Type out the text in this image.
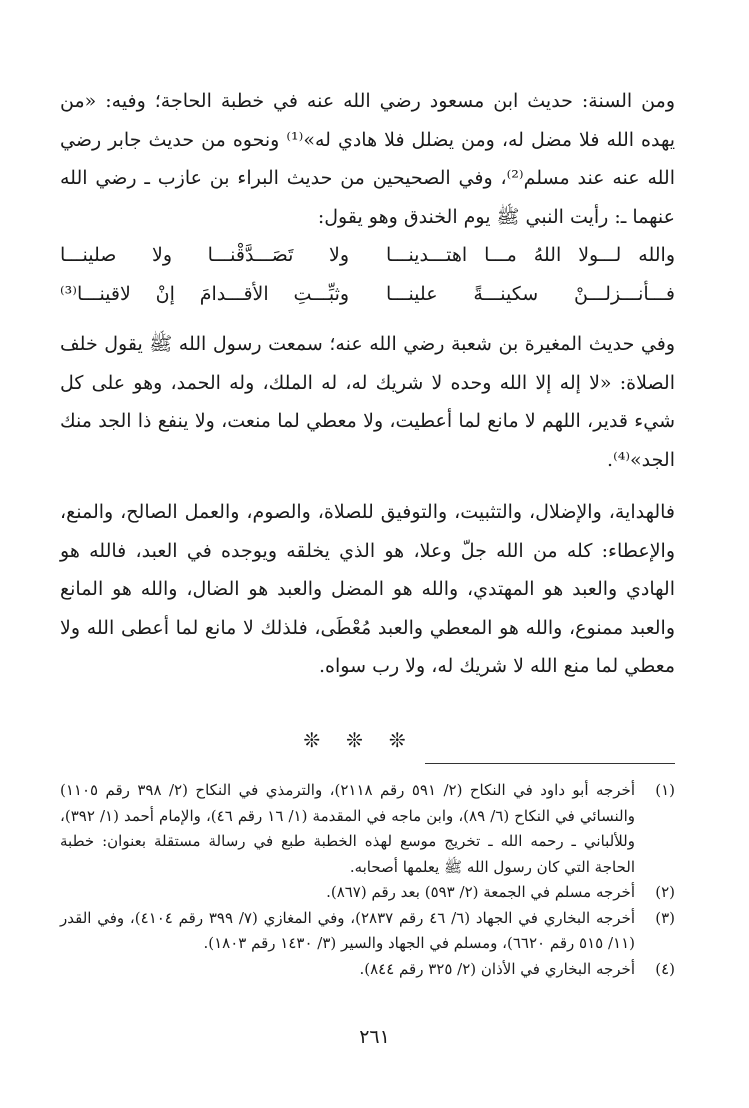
ومن السنة: حديث ابن مسعود رضي الله عنه في خطبة الحاجة؛ وفيه: «من يهده الله فلا مضل له، ومن يضلل فلا هادي له»⁽¹⁾ ونحوه من حديث جابر رضي الله عنه عند مسلم⁽²⁾، وفي الصحيحين من حديث البراء بن عازب ـ رضي الله عنهما ـ: رأيت النبي ﷺ يوم الخندق وهو يقول:

والله لـــولا اللهُ مـــا اهتـــدينـــا
ولا تَصَـــدَّقْنـــا ولا صلينـــا
فـــأنـــزلـــنْ سكينـــةً علينـــا
وثبِّـــتِ الأقـــدامَ إنْ لاقينـــا⁽³⁾

وفي حديث المغيرة بن شعبة رضي الله عنه؛ سمعت رسول الله ﷺ يقول خلف الصلاة: «لا إله إلا الله وحده لا شريك له، له الملك، وله الحمد، وهو على كل شيء قدير، اللهم لا مانع لما أعطيت، ولا معطي لما منعت، ولا ينفع ذا الجد منك الجد»⁽⁴⁾.

فالهداية، والإضلال، والتثبيت، والتوفيق للصلاة، والصوم، والعمل الصالح، والمنع، والإعطاء: كله من الله جلّ وعلا، هو الذي يخلقه ويوجده في العبد، فالله هو الهادي والعبد هو المهتدي، والله هو المضل والعبد هو الضال، والله هو المانع والعبد ممنوع، والله هو المعطي والعبد مُعْطَى، فلذلك لا مانع لما أعطى الله ولا معطي لما منع الله لا شريك له، ولا رب سواه.

❊❊❊
(١)
أخرجه أبو داود في النكاح (٢/ ٥٩١ رقم ٢١١٨)، والترمذي في النكاح (٢/ ٣٩٨ رقم ١١٠٥) والنسائي في النكاح (٦/ ٨٩)، وابن ماجه في المقدمة (١/ ١٦ رقم ٤٦)، والإمام أحمد (١/ ٣٩٢)، وللألباني ـ رحمه الله ـ تخريج موسع لهذه الخطبة طبع في رسالة مستقلة بعنوان: خطبة الحاجة التي كان رسول الله ﷺ يعلمها أصحابه.
(٢)
أخرجه مسلم في الجمعة (٢/ ٥٩٣) بعد رقم (٨٦٧).
(٣)
أخرجه البخاري في الجهاد (٦/ ٤٦ رقم ٢٨٣٧)، وفي المغازي (٧/ ٣٩٩ رقم ٤١٠٤)، وفي القدر (١١/ ٥١٥ رقم ٦٦٢٠)، ومسلم في الجهاد والسير (٣/ ١٤٣٠ رقم ١٨٠٣).
(٤)
أخرجه البخاري في الأذان (٢/ ٣٢٥ رقم ٨٤٤).
٢٦١
